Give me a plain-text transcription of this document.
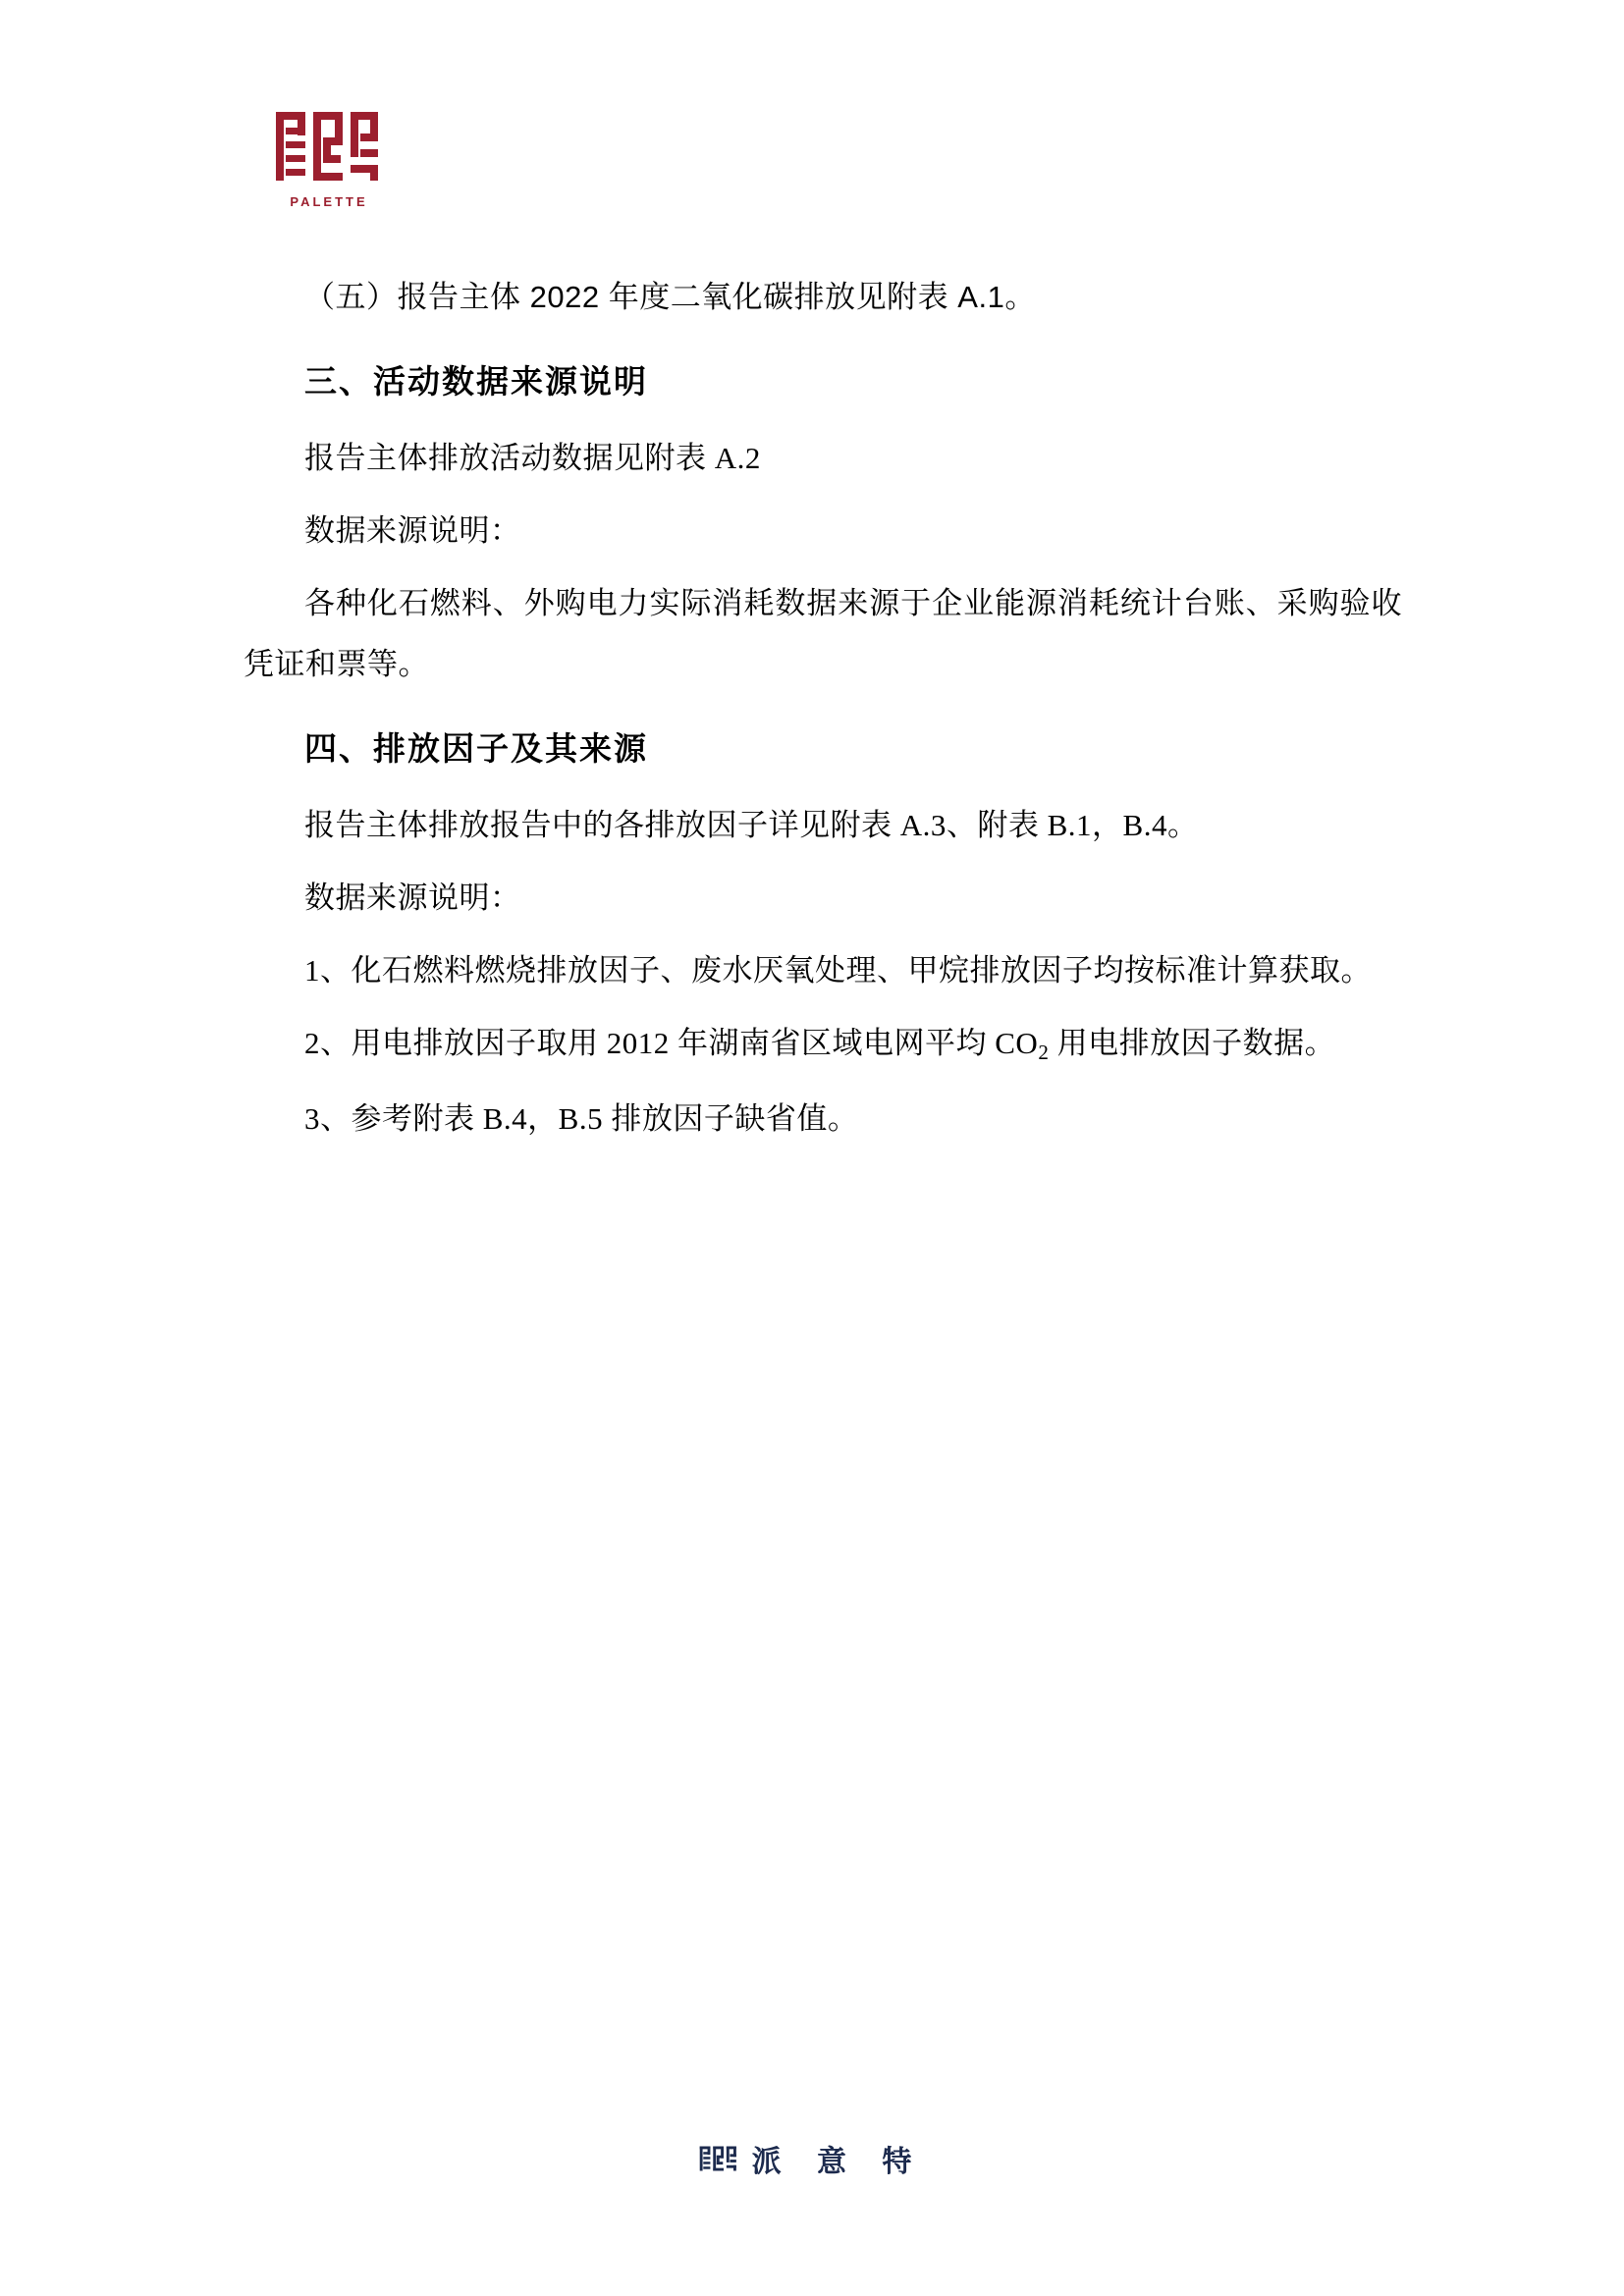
PALETTE

（五）报告主体 2022 年度二氧化碳排放见附表 A.1。

三、活动数据来源说明

报告主体排放活动数据见附表 A.2

数据来源说明：

各种化石燃料、外购电力实际消耗数据来源于企业能源消耗统计台账、采购验收凭证和票等。

四、排放因子及其来源

报告主体排放报告中的各排放因子详见附表 A.3、附表 B.1，B.4。

数据来源说明：

1、化石燃料燃烧排放因子、废水厌氧处理、甲烷排放因子均按标准计算获取。

2、用电排放因子取用 2012 年湖南省区域电网平均 $CO_2$ 用电排放因子数据。

3、参考附表 B.4，B.5 排放因子缺省值。

派 意 特
